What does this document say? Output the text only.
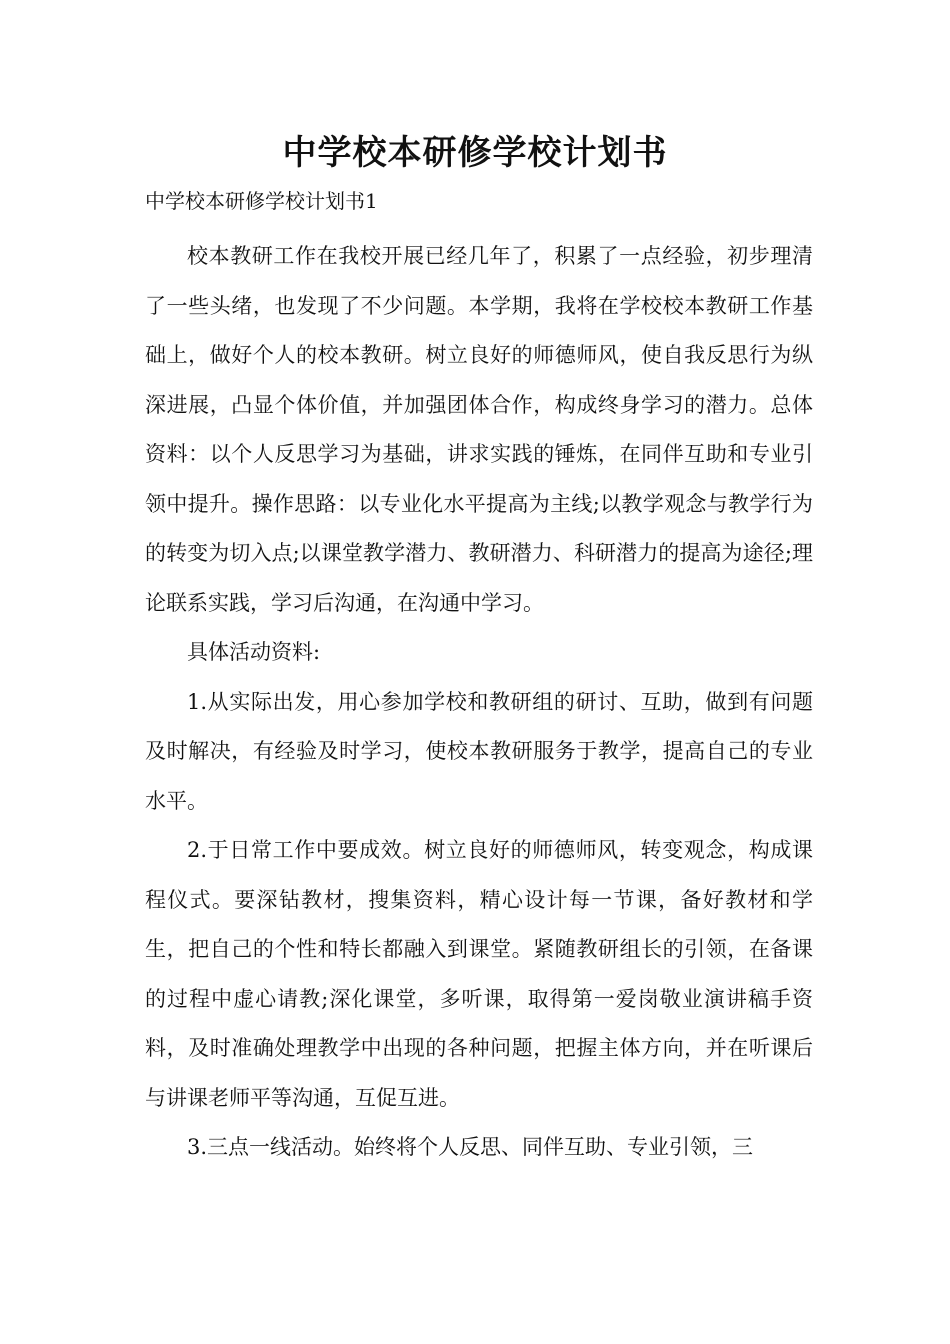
中学校本研修学校计划书

中学校本研修学校计划书1

校本教研工作在我校开展已经几年了，积累了一点经验，初步理清了一些头绪，也发现了不少问题。本学期，我将在学校校本教研工作基础上，做好个人的校本教研。树立良好的师德师风，使自我反思行为纵深进展，凸显个体价值，并加强团体合作，构成终身学习的潜力。总体资料：以个人反思学习为基础，讲求实践的锤炼，在同伴互助和专业引领中提升。操作思路：以专业化水平提高为主线;以教学观念与教学行为的转变为切入点;以课堂教学潜力、教研潜力、科研潜力的提高为途径;理论联系实践，学习后沟通，在沟通中学习。

具体活动资料:

1.从实际出发，用心参加学校和教研组的研讨、互助，做到有问题及时解决，有经验及时学习，使校本教研服务于教学，提高自己的专业水平。

2.于日常工作中要成效。树立良好的师德师风，转变观念，构成课程仪式。要深钻教材，搜集资料，精心设计每一节课，备好教材和学生，把自己的个性和特长都融入到课堂。紧随教研组长的引领，在备课的过程中虚心请教;深化课堂，多听课，取得第一爱岗敬业演讲稿手资料，及时准确处理教学中出现的各种问题，把握主体方向，并在听课后与讲课老师平等沟通，互促互进。

3.三点一线活动。始终将个人反思、同伴互助、专业引领，三
